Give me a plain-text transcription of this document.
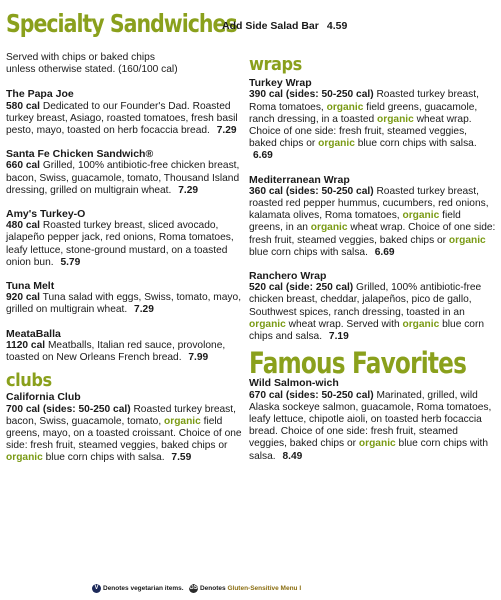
Specialty Sandwiches
Add Side Salad Bar 4.59
Served with chips or baked chips
unless otherwise stated. (160/100 cal)
The Papa Joe
580 cal Dedicated to our Founder's Dad. Roasted turkey breast, Asiago, roasted tomatoes, fresh basil pesto, mayo, toasted on herb focaccia bread. 7.29
Santa Fe Chicken Sandwich®
660 cal Grilled, 100% antibiotic-free chicken breast, bacon, Swiss, guacamole, tomato, Thousand Island dressing, grilled on multigrain wheat. 7.29
Amy's Turkey-O
480 cal Roasted turkey breast, sliced avocado, jalapeño pepper jack, red onions, Roma tomatoes, leafy lettuce, stone-ground mustard, on a toasted onion bun. 5.79
Tuna Melt
920 cal Tuna salad with eggs, Swiss, tomato, mayo, grilled on multigrain wheat. 7.29
MeataBalla
1120 cal Meatballs, Italian red sauce, provolone, toasted on New Orleans French bread. 7.99
clubs
California Club
700 cal (sides: 50-250 cal) Roasted turkey breast, bacon, Swiss, guacamole, tomato, organic field greens, mayo, on a toasted croissant. Choice of one side: fresh fruit, steamed veggies, baked chips or organic blue corn chips with salsa. 7.59
wraps
Turkey Wrap
390 cal (sides: 50-250 cal) Roasted turkey breast, Roma tomatoes, organic field greens, guacamole, ranch dressing, in a toasted organic wheat wrap. Choice of one side: fresh fruit, steamed veggies, baked chips or organic blue corn chips with salsa. 6.69
Mediterranean Wrap
360 cal (sides: 50-250 cal) Roasted turkey breast, roasted red pepper hummus, cucumbers, red onions, kalamata olives, Roma tomatoes, organic field greens, in an organic wheat wrap. Choice of one side: fresh fruit, steamed veggies, baked chips or organic blue corn chips with salsa. 6.69
Ranchero Wrap
520 cal (side: 250 cal) Grilled, 100% antibiotic-free chicken breast, cheddar, jalapeños, pico de gallo, Southwest spices, ranch dressing, toasted in an organic wheat wrap. Served with organic blue corn chips and salsa. 7.19
Famous Favorites
Wild Salmon-wich
670 cal (sides: 50-250 cal) Marinated, grilled, wild Alaska sockeye salmon, guacamole, Roma tomatoes, leafy lettuce, chipotle aioli, on toasted herb focaccia bread. Choice of one side: fresh fruit, steamed veggies, baked chips or organic blue corn chips with salsa. 8.49
V Denotes vegetarian items. GS Denotes Gluten-Sensitive Menu I
